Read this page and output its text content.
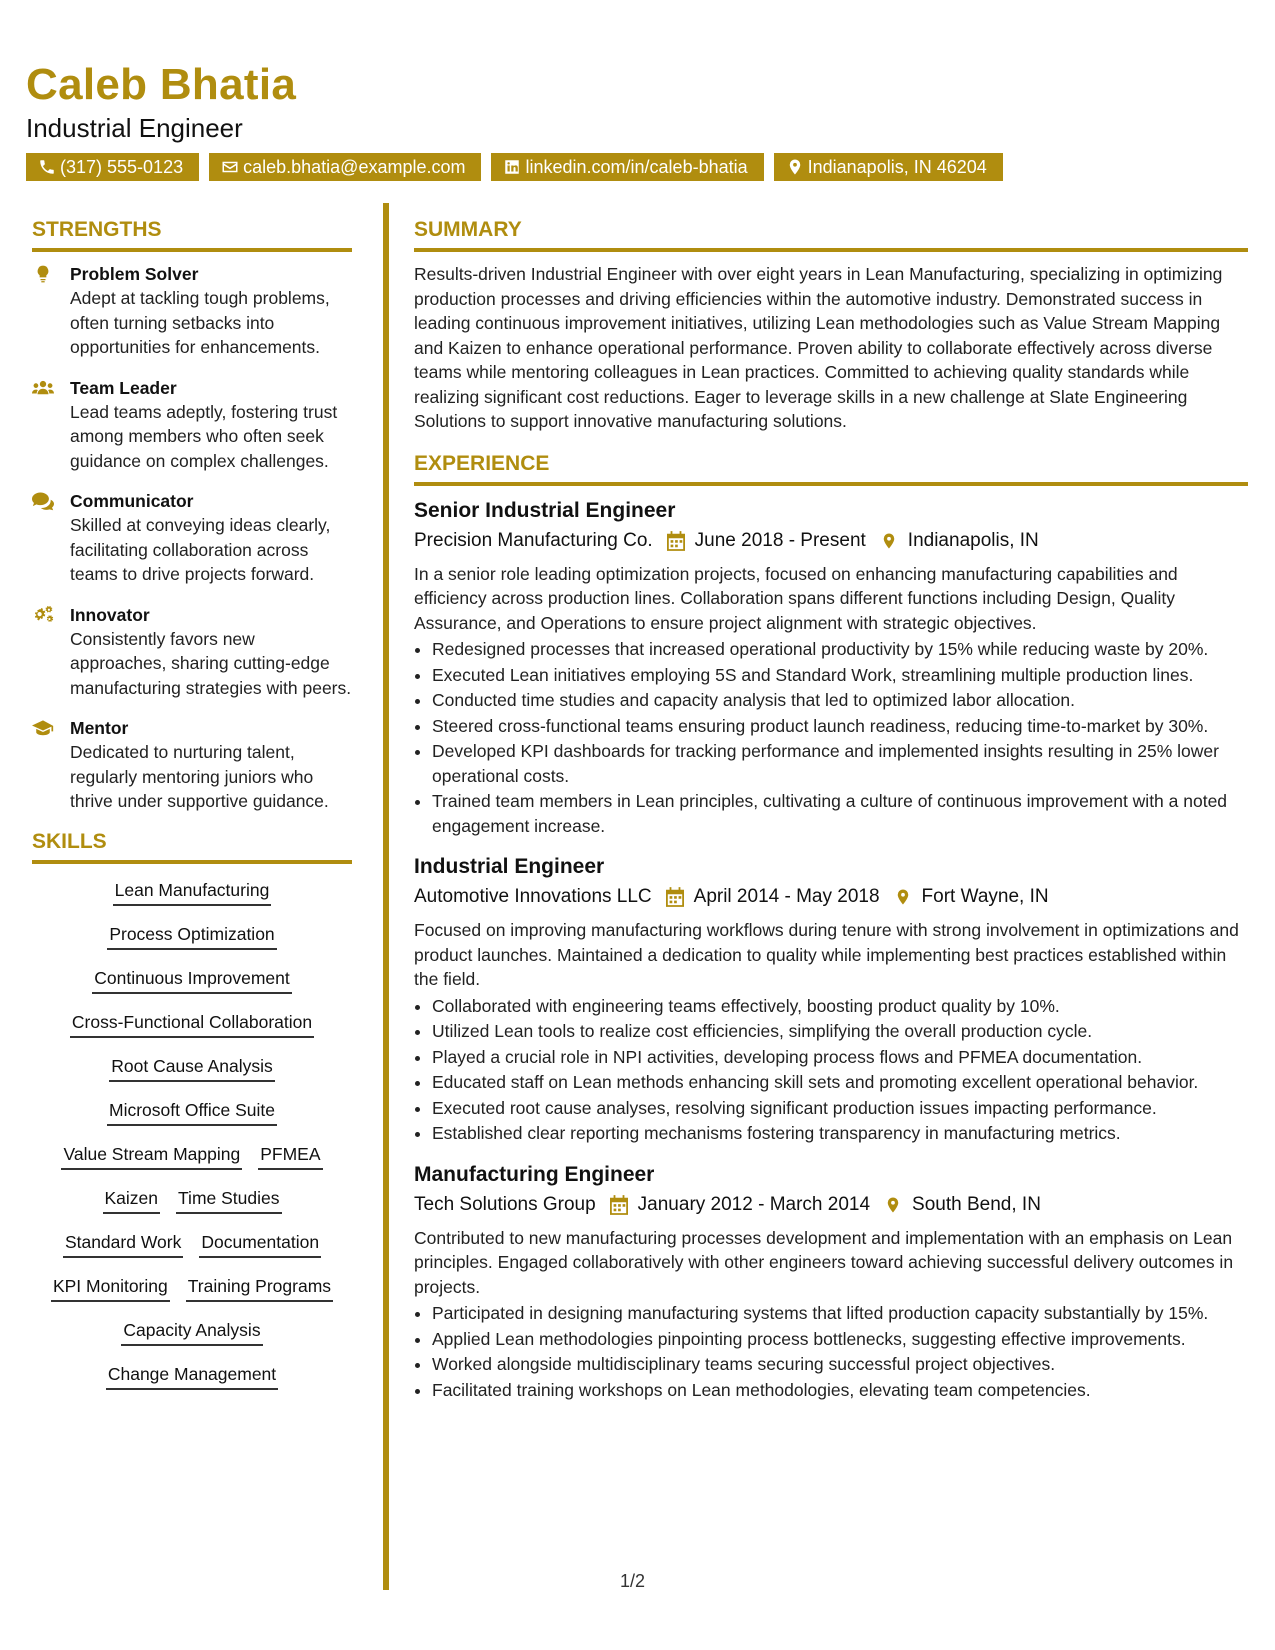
Caleb Bhatia
Industrial Engineer
(317) 555-0123	caleb.bhatia@example.com	linkedin.com/in/caleb-bhatia	Indianapolis, IN 46204
STRENGTHS
Problem Solver
Adept at tackling tough problems, often turning setbacks into opportunities for enhancements.
Team Leader
Lead teams adeptly, fostering trust among members who often seek guidance on complex challenges.
Communicator
Skilled at conveying ideas clearly, facilitating collaboration across teams to drive projects forward.
Innovator
Consistently favors new approaches, sharing cutting-edge manufacturing strategies with peers.
Mentor
Dedicated to nurturing talent, regularly mentoring juniors who thrive under supportive guidance.
SKILLS
Lean Manufacturing
Process Optimization
Continuous Improvement
Cross-Functional Collaboration
Root Cause Analysis
Microsoft Office Suite
Value Stream Mapping PFMEA
Kaizen Time Studies
Standard Work Documentation
KPI Monitoring Training Programs
Capacity Analysis
Change Management
SUMMARY
Results-driven Industrial Engineer with over eight years in Lean Manufacturing, specializing in optimizing production processes and driving efficiencies within the automotive industry. Demonstrated success in leading continuous improvement initiatives, utilizing Lean methodologies such as Value Stream Mapping and Kaizen to enhance operational performance. Proven ability to collaborate effectively across diverse teams while mentoring colleagues in Lean practices. Committed to achieving quality standards while realizing significant cost reductions. Eager to leverage skills in a new challenge at Slate Engineering Solutions to support innovative manufacturing solutions.
EXPERIENCE
Senior Industrial Engineer
Precision Manufacturing Co. June 2018 - Present Indianapolis, IN
In a senior role leading optimization projects, focused on enhancing manufacturing capabilities and efficiency across production lines. Collaboration spans different functions including Design, Quality Assurance, and Operations to ensure project alignment with strategic objectives.
• Redesigned processes that increased operational productivity by 15% while reducing waste by 20%.
• Executed Lean initiatives employing 5S and Standard Work, streamlining multiple production lines.
• Conducted time studies and capacity analysis that led to optimized labor allocation.
• Steered cross-functional teams ensuring product launch readiness, reducing time-to-market by 30%.
• Developed KPI dashboards for tracking performance and implemented insights resulting in 25% lower operational costs.
• Trained team members in Lean principles, cultivating a culture of continuous improvement with a noted engagement increase.
Industrial Engineer
Automotive Innovations LLC April 2014 - May 2018 Fort Wayne, IN
Focused on improving manufacturing workflows during tenure with strong involvement in optimizations and product launches. Maintained a dedication to quality while implementing best practices established within the field.
• Collaborated with engineering teams effectively, boosting product quality by 10%.
• Utilized Lean tools to realize cost efficiencies, simplifying the overall production cycle.
• Played a crucial role in NPI activities, developing process flows and PFMEA documentation.
• Educated staff on Lean methods enhancing skill sets and promoting excellent operational behavior.
• Executed root cause analyses, resolving significant production issues impacting performance.
• Established clear reporting mechanisms fostering transparency in manufacturing metrics.
Manufacturing Engineer
Tech Solutions Group January 2012 - March 2014 South Bend, IN
Contributed to new manufacturing processes development and implementation with an emphasis on Lean principles. Engaged collaboratively with other engineers toward achieving successful delivery outcomes in projects.
• Participated in designing manufacturing systems that lifted production capacity substantially by 15%.
• Applied Lean methodologies pinpointing process bottlenecks, suggesting effective improvements.
• Worked alongside multidisciplinary teams securing successful project objectives.
• Facilitated training workshops on Lean methodologies, elevating team competencies.
1/2
